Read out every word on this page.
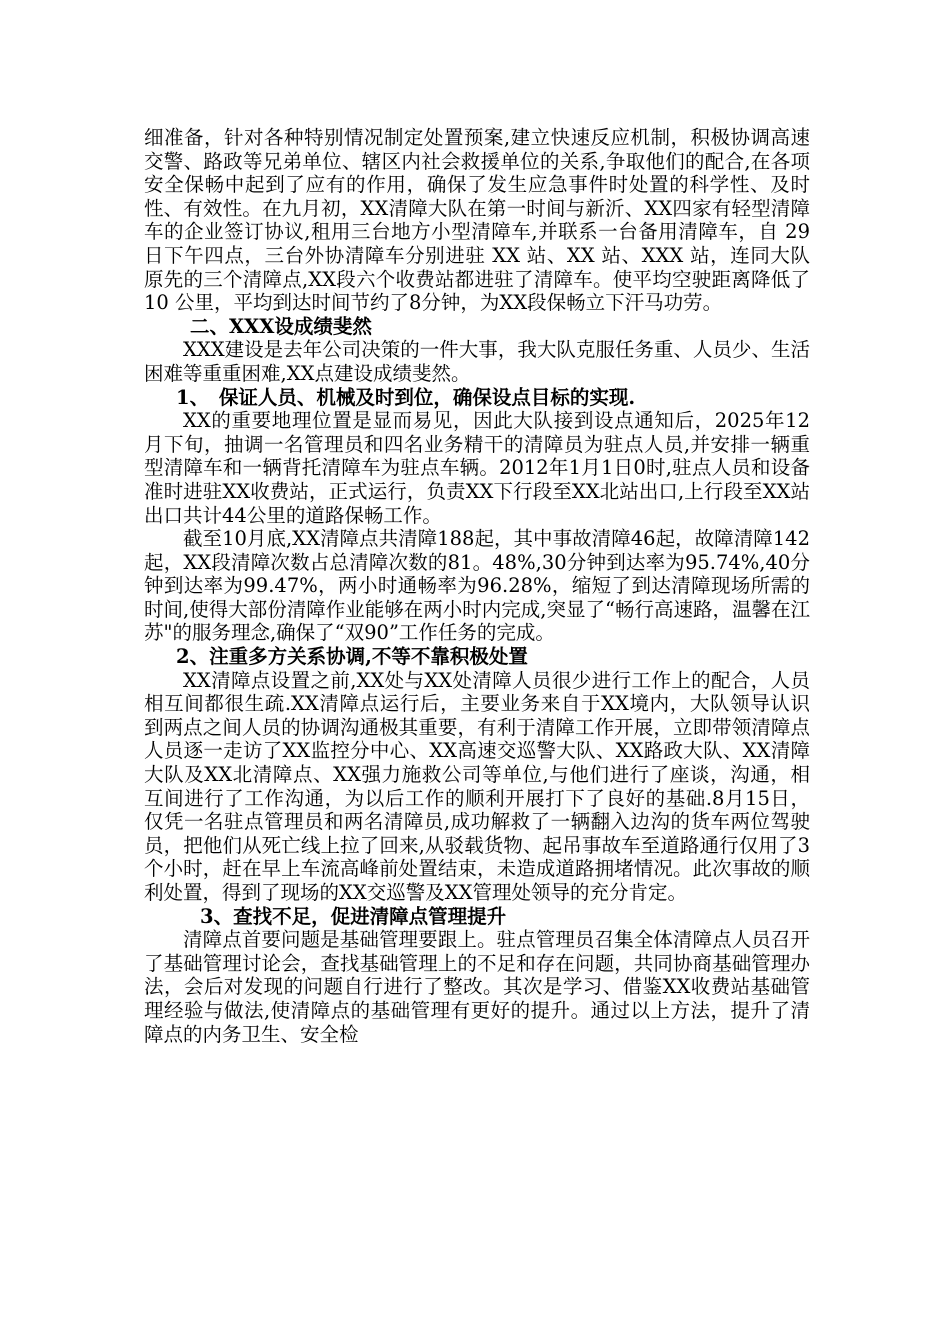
细准备，针对各种特别情况制定处置预案,建立快速反应机制，积极协调高速交警、路政等兄弟单位、辖区内社会救援单位的关系,争取他们的配合,在各项安全保畅中起到了应有的作用，确保了发生应急事件时处置的科学性、及时性、有效性。在九月初，XX清障大队在第一时间与新沂、XX四家有轻型清障车的企业签订协议,租用三台地方小型清障车,并联系一台备用清障车，自 29 日下午四点，三台外协清障车分别进驻 XX 站、XX 站、XXX 站，连同大队原先的三个清障点,XX段六个收费站都进驻了清障车。使平均空驶距离降低了 10 公里，平均到达时间节约了8分钟，为XX段保畅立下汗马功劳。

二、XXX设成绩斐然

XXX建设是去年公司决策的一件大事，我大队克服任务重、人员少、生活困难等重重困难,XX点建设成绩斐然。

1、　保证人员、机械及时到位，确保设点目标的实现.

XX的重要地理位置是显而易见，因此大队接到设点通知后，2025年12月下旬，抽调一名管理员和四名业务精干的清障员为驻点人员,并安排一辆重型清障车和一辆背托清障车为驻点车辆。2012年1月1日0时,驻点人员和设备准时进驻XX收费站，正式运行，负责XX下行段至XX北站出口,上行段至XX站出口共计44公里的道路保畅工作。

截至10月底,XX清障点共清障188起，其中事故清障46起，故障清障142起，XX段清障次数占总清障次数的81。48%,30分钟到达率为95.74%,40分钟到达率为99.47%，两小时通畅率为96.28%，缩短了到达清障现场所需的时间,使得大部份清障作业能够在两小时内完成,突显了“畅行高速路，温馨在江苏"的服务理念,确保了“双90”工作任务的完成。

2、注重多方关系协调,不等不靠积极处置

XX清障点设置之前,XX处与XX处清障人员很少进行工作上的配合，人员相互间都很生疏.XX清障点运行后，主要业务来自于XX境内，大队领导认识到两点之间人员的协调沟通极其重要，有利于清障工作开展，立即带领清障点人员逐一走访了XX监控分中心、XX高速交巡警大队、XX路政大队、XX清障大队及XX北清障点、XX强力施救公司等单位,与他们进行了座谈，沟通，相互间进行了工作沟通，为以后工作的顺利开展打下了良好的基础.8月15日，仅凭一名驻点管理员和两名清障员,成功解救了一辆翻入边沟的货车两位驾驶员，把他们从死亡线上拉了回来,从驳载货物、起吊事故车至道路通行仅用了3个小时，赶在早上车流高峰前处置结束，未造成道路拥堵情况。此次事故的顺利处置，得到了现场的XX交巡警及XX管理处领导的充分肯定。

3、查找不足，促进清障点管理提升

清障点首要问题是基础管理要跟上。驻点管理员召集全体清障点人员召开了基础管理讨论会，查找基础管理上的不足和存在问题，共同协商基础管理办法，会后对发现的问题自行进行了整改。其次是学习、借鉴XX收费站基础管理经验与做法,使清障点的基础管理有更好的提升。通过以上方法，提升了清障点的内务卫生、安全检
